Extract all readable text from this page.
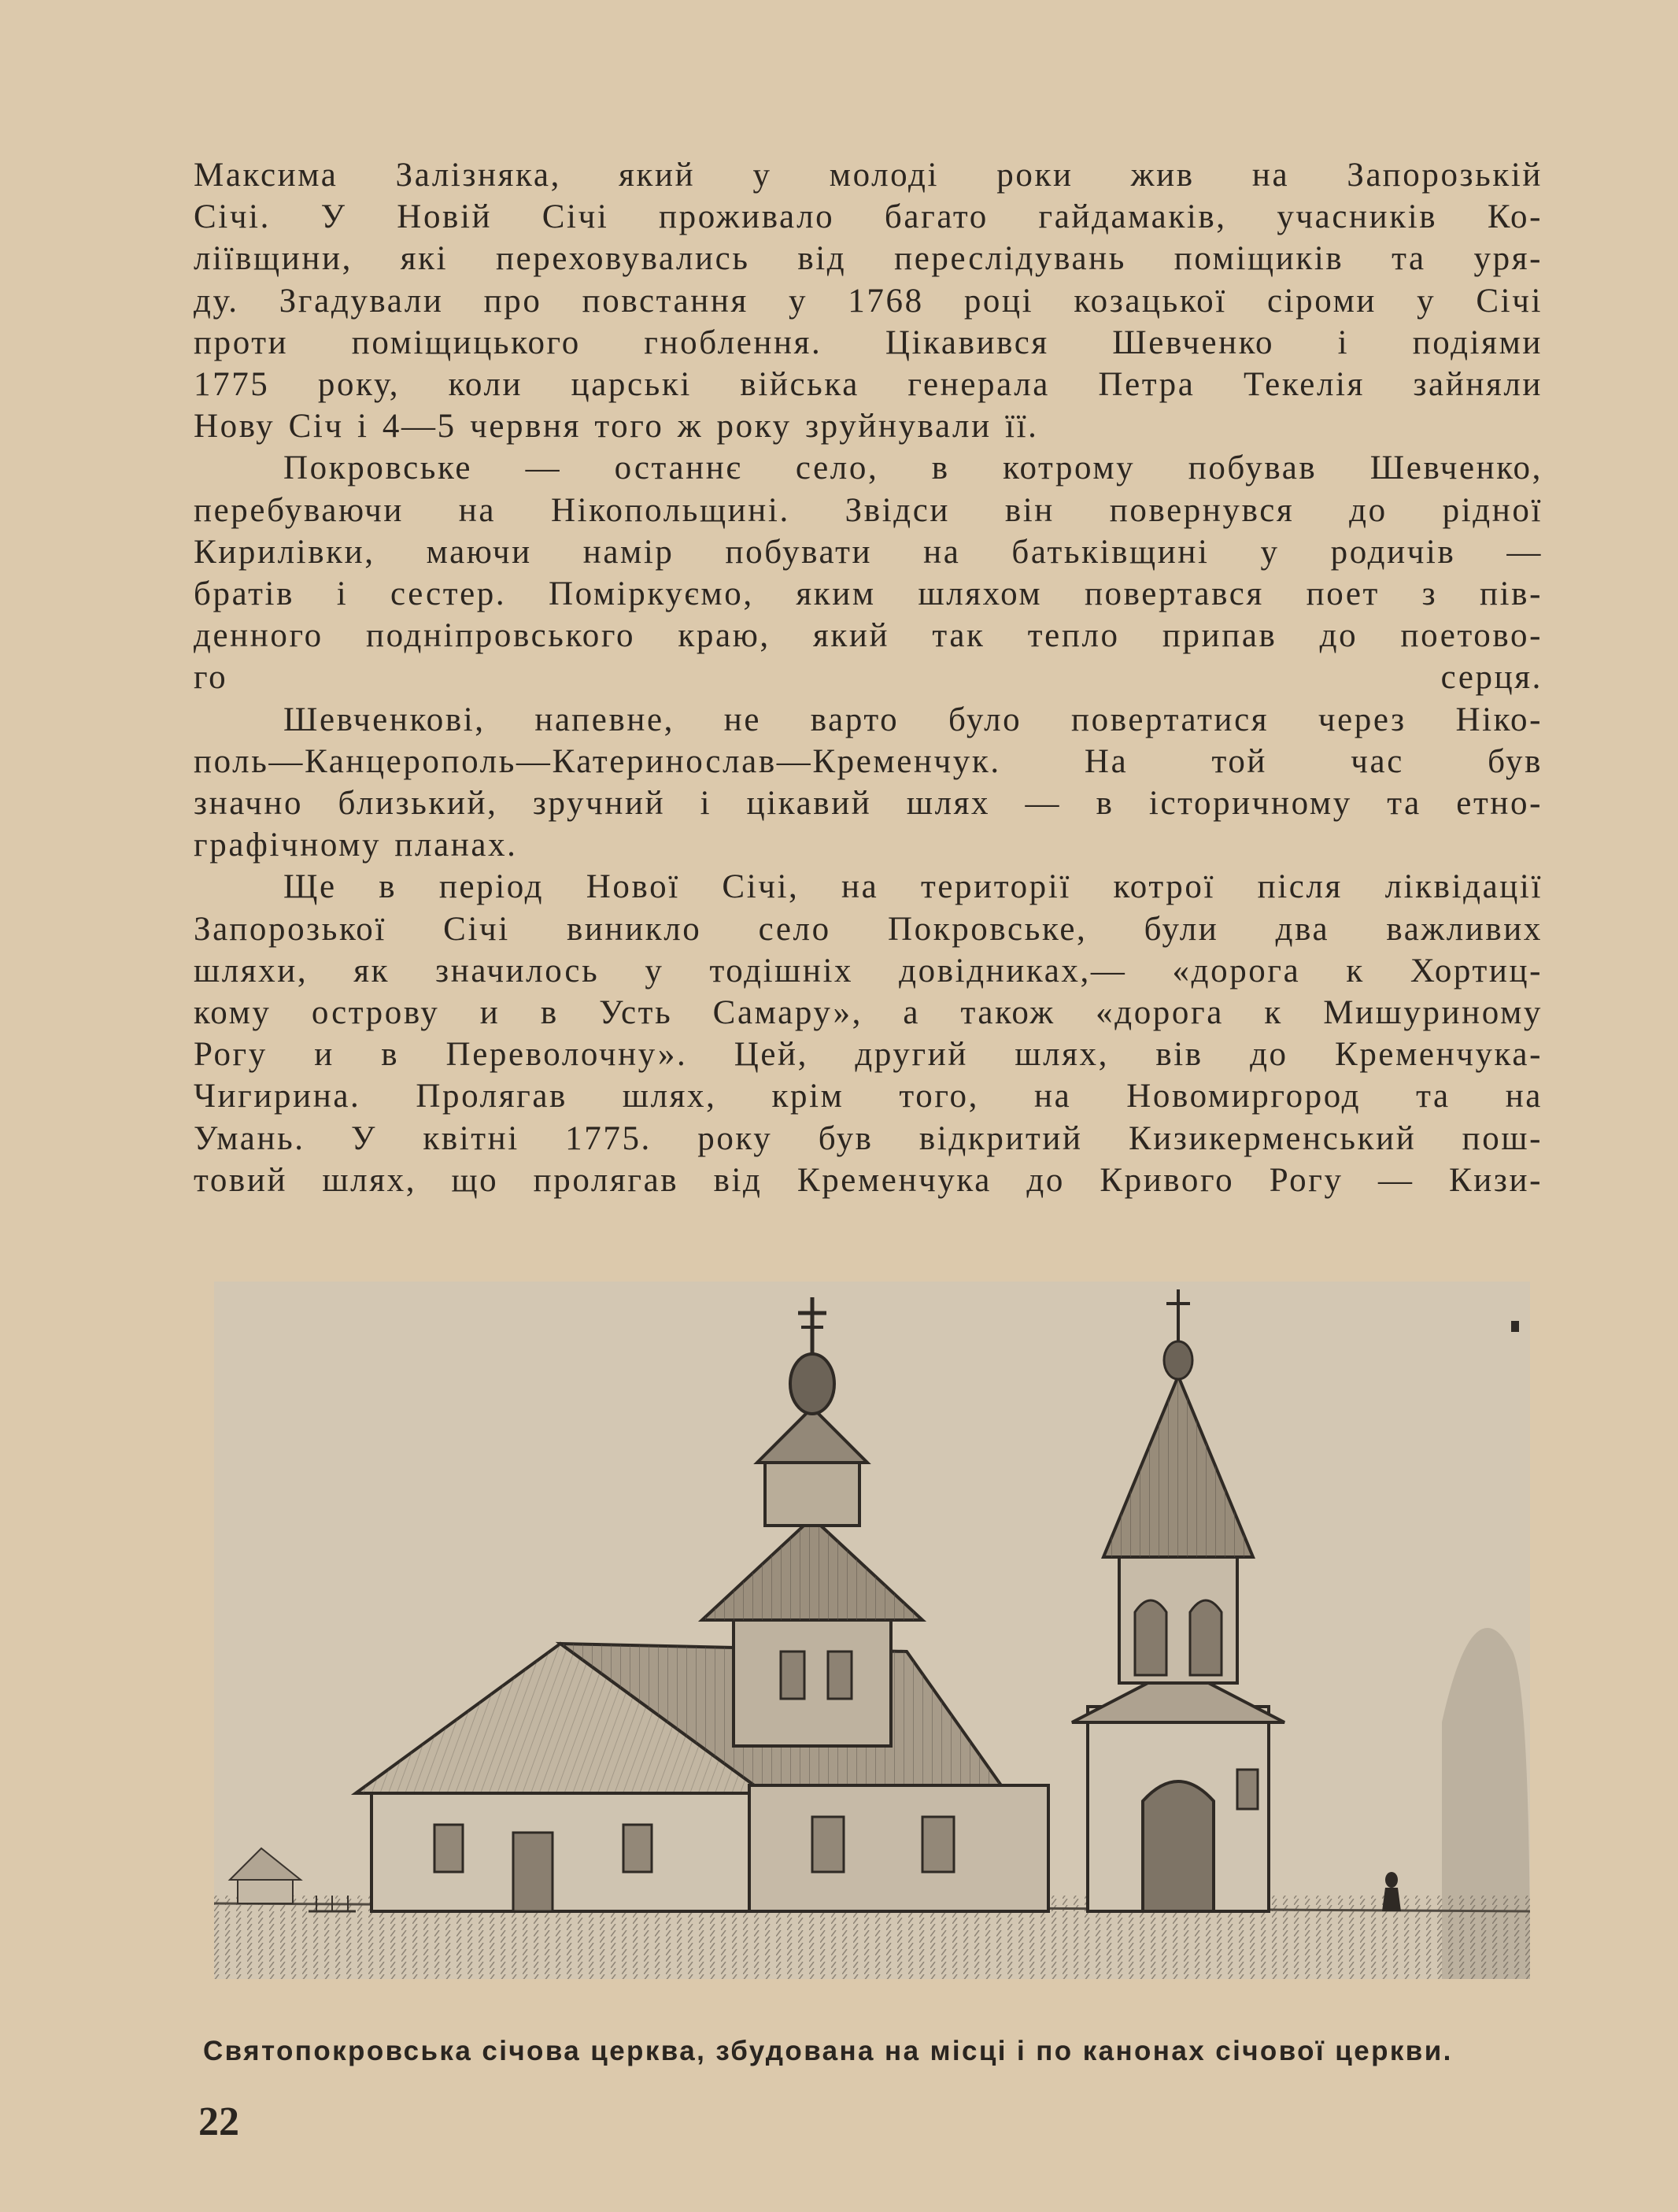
Максима Залізняка, який у молоді роки жив на Запорозькій
Січі. У Новій Січі проживало багато гайдамаків, учасників Ко-
ліївщини, які переховувались від переслідувань поміщиків та уря-
ду. Згадували про повстання у 1768 році козацької сіроми у Січі
проти поміщицького гноблення. Цікавився Шевченко і подіями
1775 року, коли царські війська генерала Петра Текелія зайняли
Нову Січ і 4—5 червня того ж року зруйнували її.

Покровське — останнє село, в котрому побував Шевченко,
перебуваючи на Нікопольщині. Звідси він повернувся до рідної
Кирилівки, маючи намір побувати на батьківщині у родичів —
братів і сестер. Поміркуємо, яким шляхом повертався поет з пів-
денного подніпровського краю, який так тепло припав до поетово-
го серця.

Шевченкові, напевне, не варто було повертатися через Ніко-
поль—Канцерополь—Катеринослав—Кременчук. На той час був
значно близький, зручний і цікавий шлях — в історичному та етно-
графічному планах.

Ще в період Нової Січі, на території котрої після ліквідації
Запорозької Січі виникло село Покровське, були два важливих
шляхи, як значилось у тодішніх довідниках,— «дорога к Хортиц-
кому острову и в Усть Самару», а також «дорога к Мишуриному
Рогу и в Переволочну». Цей, другий шлях, вів до Кременчука-
Чигирина. Пролягав шлях, крім того, на Новомиргород та на
Умань. У квітні 1775. року був відкритий Кизикерменський пош-
товий шлях, що пролягав від Кременчука до Кривого Рогу — Кизи-

Святопокровська січова церква, збудована на місці і по канонах січової церкви.
22
